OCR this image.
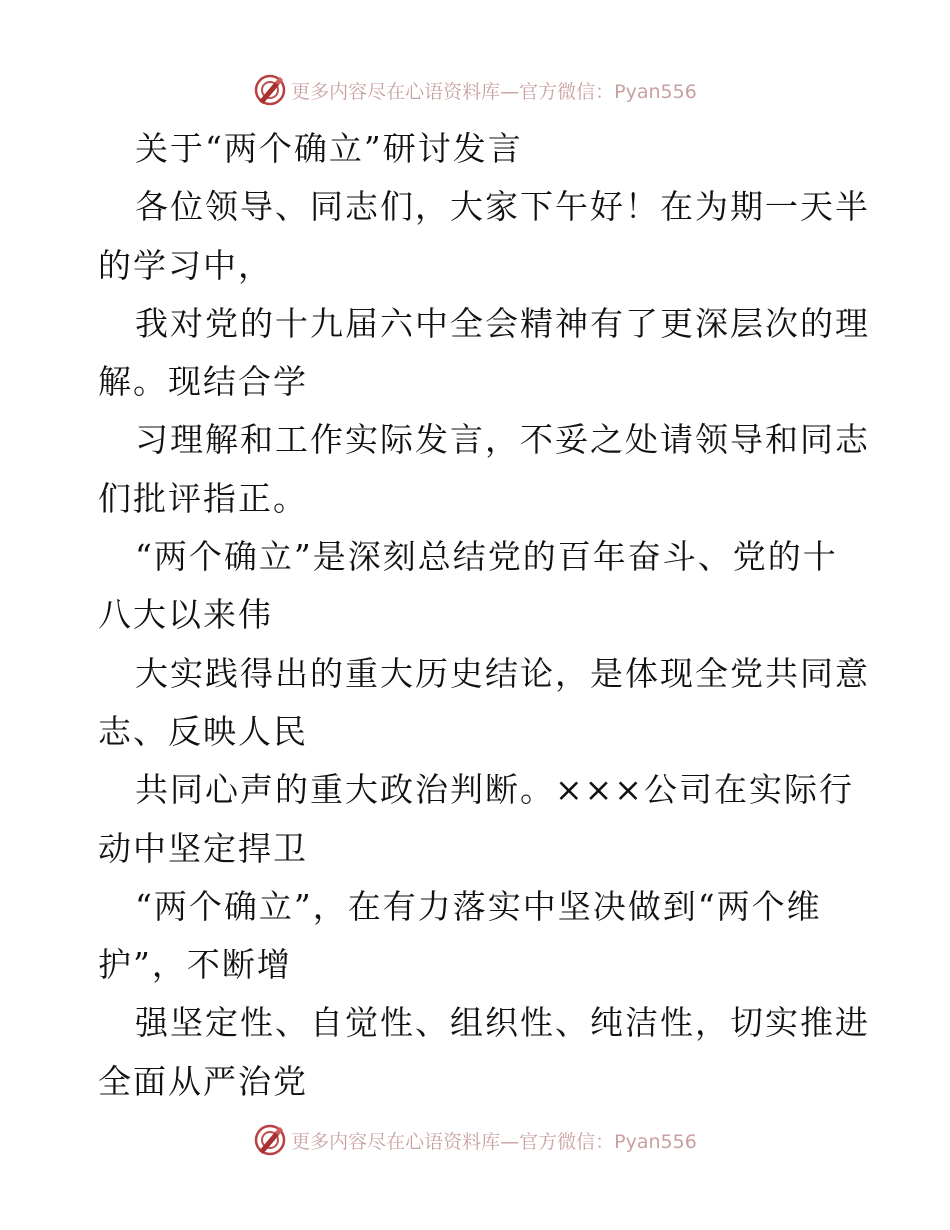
更多内容尽在心语资料库—官方微信：Pyan556
关于“两个确立”研讨发言
各位领导、同志们，大家下午好！在为期一天半
的学习中，
我对党的十九届六中全会精神有了更深层次的理
解。现结合学
习理解和工作实际发言，不妥之处请领导和同志
们批评指正。
“两个确立”是深刻总结党的百年奋斗、党的十
八大以来伟
大实践得出的重大历史结论，是体现全党共同意
志、反映人民
共同心声的重大政治判断。×××公司在实际行
动中坚定捍卫
“两个确立”，在有力落实中坚决做到“两个维
护”，不断增
强坚定性、自觉性、组织性、纯洁性，切实推进
全面从严治党
更多内容尽在心语资料库—官方微信：Pyan556
